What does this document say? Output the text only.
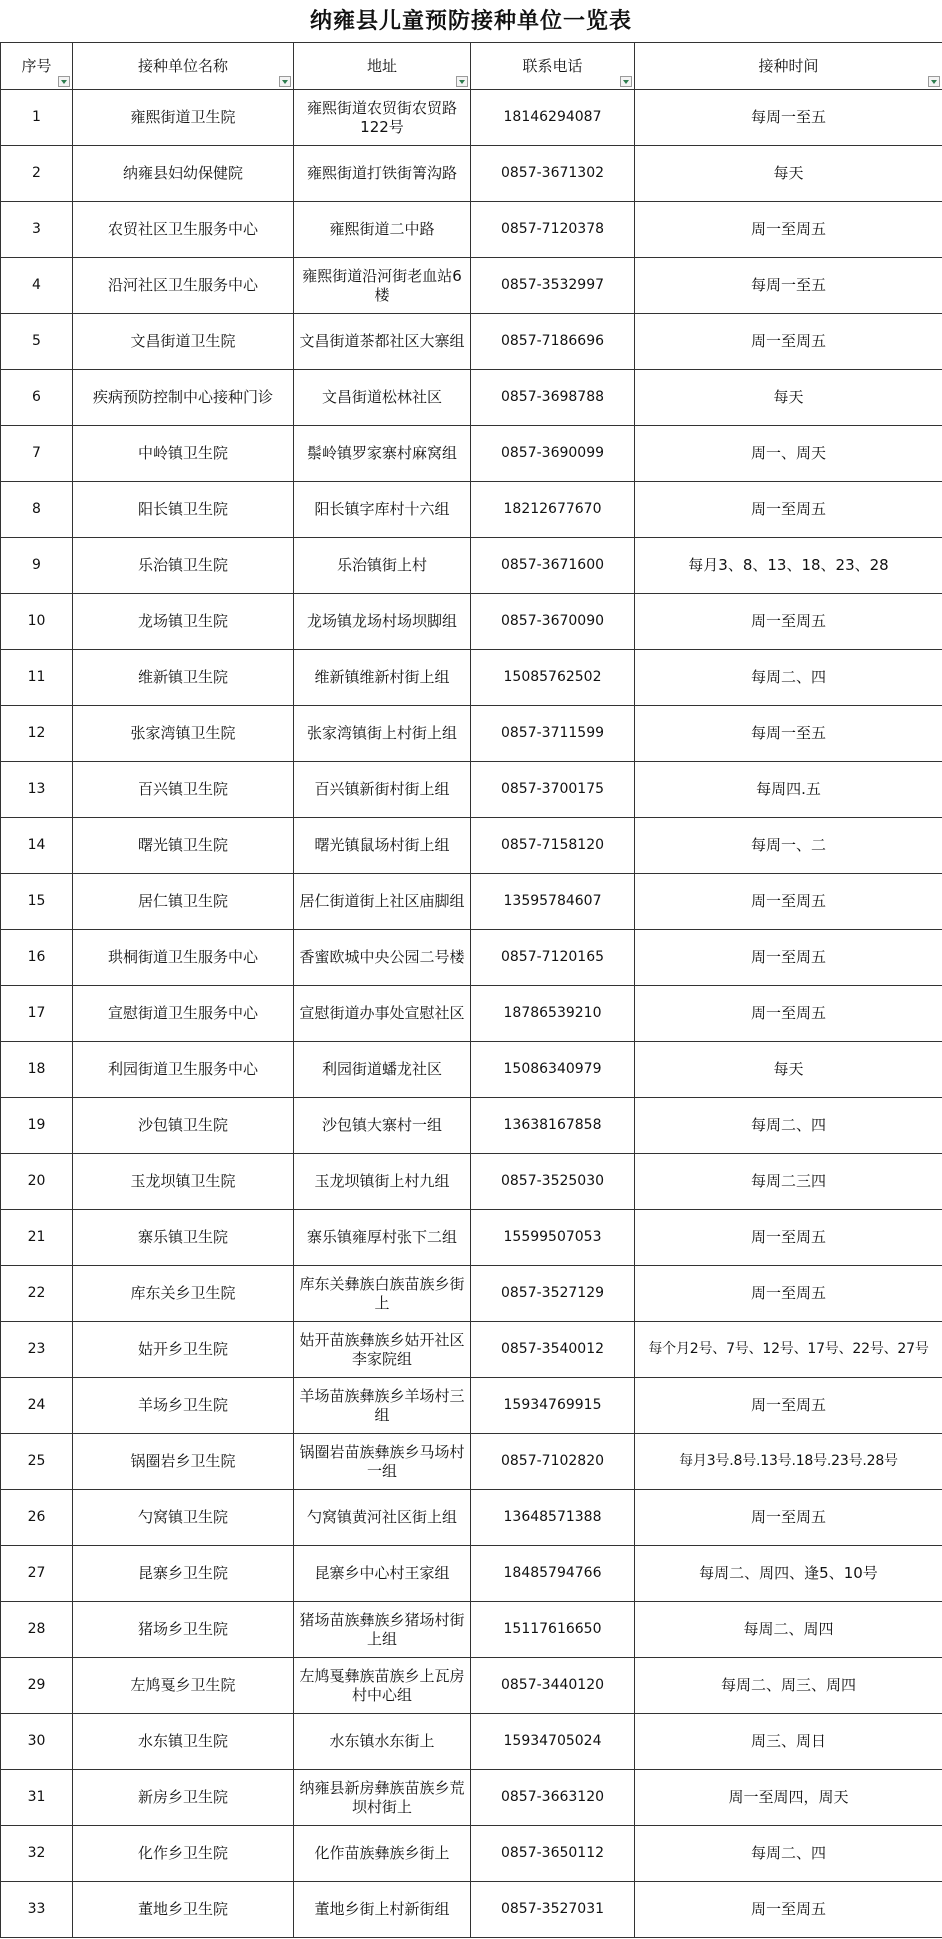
纳雍县儿童预防接种单位一览表
序号	接种单位名称	地址	联系电话	接种时间

1	雍熙街道卫生院	雍熙街道农贸街农贸路122号	18146294087	每周一至五
2	纳雍县妇幼保健院	雍熙街道打铁街箐沟路	0857-3671302	每天
3	农贸社区卫生服务中心	雍熙街道二中路	0857-7120378	周一至周五
4	沿河社区卫生服务中心	雍熙街道沿河街老血站6楼	0857-3532997	每周一至五
5	文昌街道卫生院	文昌街道茶都社区大寨组	0857-7186696	周一至周五
6	疾病预防控制中心接种门诊	文昌街道松林社区	0857-3698788	每天
7	中岭镇卫生院	鬃岭镇罗家寨村麻窝组	0857-3690099	周一、周天
8	阳长镇卫生院	阳长镇字库村十六组	18212677670	周一至周五
9	乐治镇卫生院	乐治镇街上村	0857-3671600	每月3、8、13、18、23、28
10	龙场镇卫生院	龙场镇龙场村场坝脚组	0857-3670090	周一至周五
11	维新镇卫生院	维新镇维新村街上组	15085762502	每周二、四
12	张家湾镇卫生院	张家湾镇街上村街上组	0857-3711599	每周一至五
13	百兴镇卫生院	百兴镇新街村街上组	0857-3700175	每周四.五
14	曙光镇卫生院	曙光镇鼠场村街上组	0857-7158120	每周一、二
15	居仁镇卫生院	居仁街道街上社区庙脚组	13595784607	周一至周五
16	珙桐街道卫生服务中心	香蜜欧城中央公园二号楼	0857-7120165	周一至周五
17	宣慰街道卫生服务中心	宣慰街道办事处宣慰社区	18786539210	周一至周五
18	利园街道卫生服务中心	利园街道蟠龙社区	15086340979	每天
19	沙包镇卫生院	沙包镇大寨村一组	13638167858	每周二、四
20	玉龙坝镇卫生院	玉龙坝镇街上村九组	0857-3525030	每周二三四
21	寨乐镇卫生院	寨乐镇雍厚村张下二组	15599507053	周一至周五
22	库东关乡卫生院	库东关彝族白族苗族乡街上	0857-3527129	周一至周五
23	姑开乡卫生院	姑开苗族彝族乡姑开社区李家院组	0857-3540012	每个月2号、7号、12号、17号、22号、27号
24	羊场乡卫生院	羊场苗族彝族乡羊场村三组	15934769915	周一至周五
25	锅圈岩乡卫生院	锅圈岩苗族彝族乡马场村一组	0857-7102820	每月3号.8号.13号.18号.23号.28号
26	勺窝镇卫生院	勺窝镇黄河社区街上组	13648571388	周一至周五
27	昆寨乡卫生院	昆寨乡中心村王家组	18485794766	每周二、周四、逢5、10号
28	猪场乡卫生院	猪场苗族彝族乡猪场村街上组	15117616650	每周二、周四
29	左鸠戛乡卫生院	左鸠戛彝族苗族乡上瓦房村中心组	0857-3440120	每周二、周三、周四
30	水东镇卫生院	水东镇水东街上	15934705024	周三、周日
31	新房乡卫生院	纳雍县新房彝族苗族乡荒坝村街上	0857-3663120	周一至周四，周天
32	化作乡卫生院	化作苗族彝族乡街上	0857-3650112	每周二、四
33	董地乡卫生院	董地乡街上村新街组	0857-3527031	周一至周五
